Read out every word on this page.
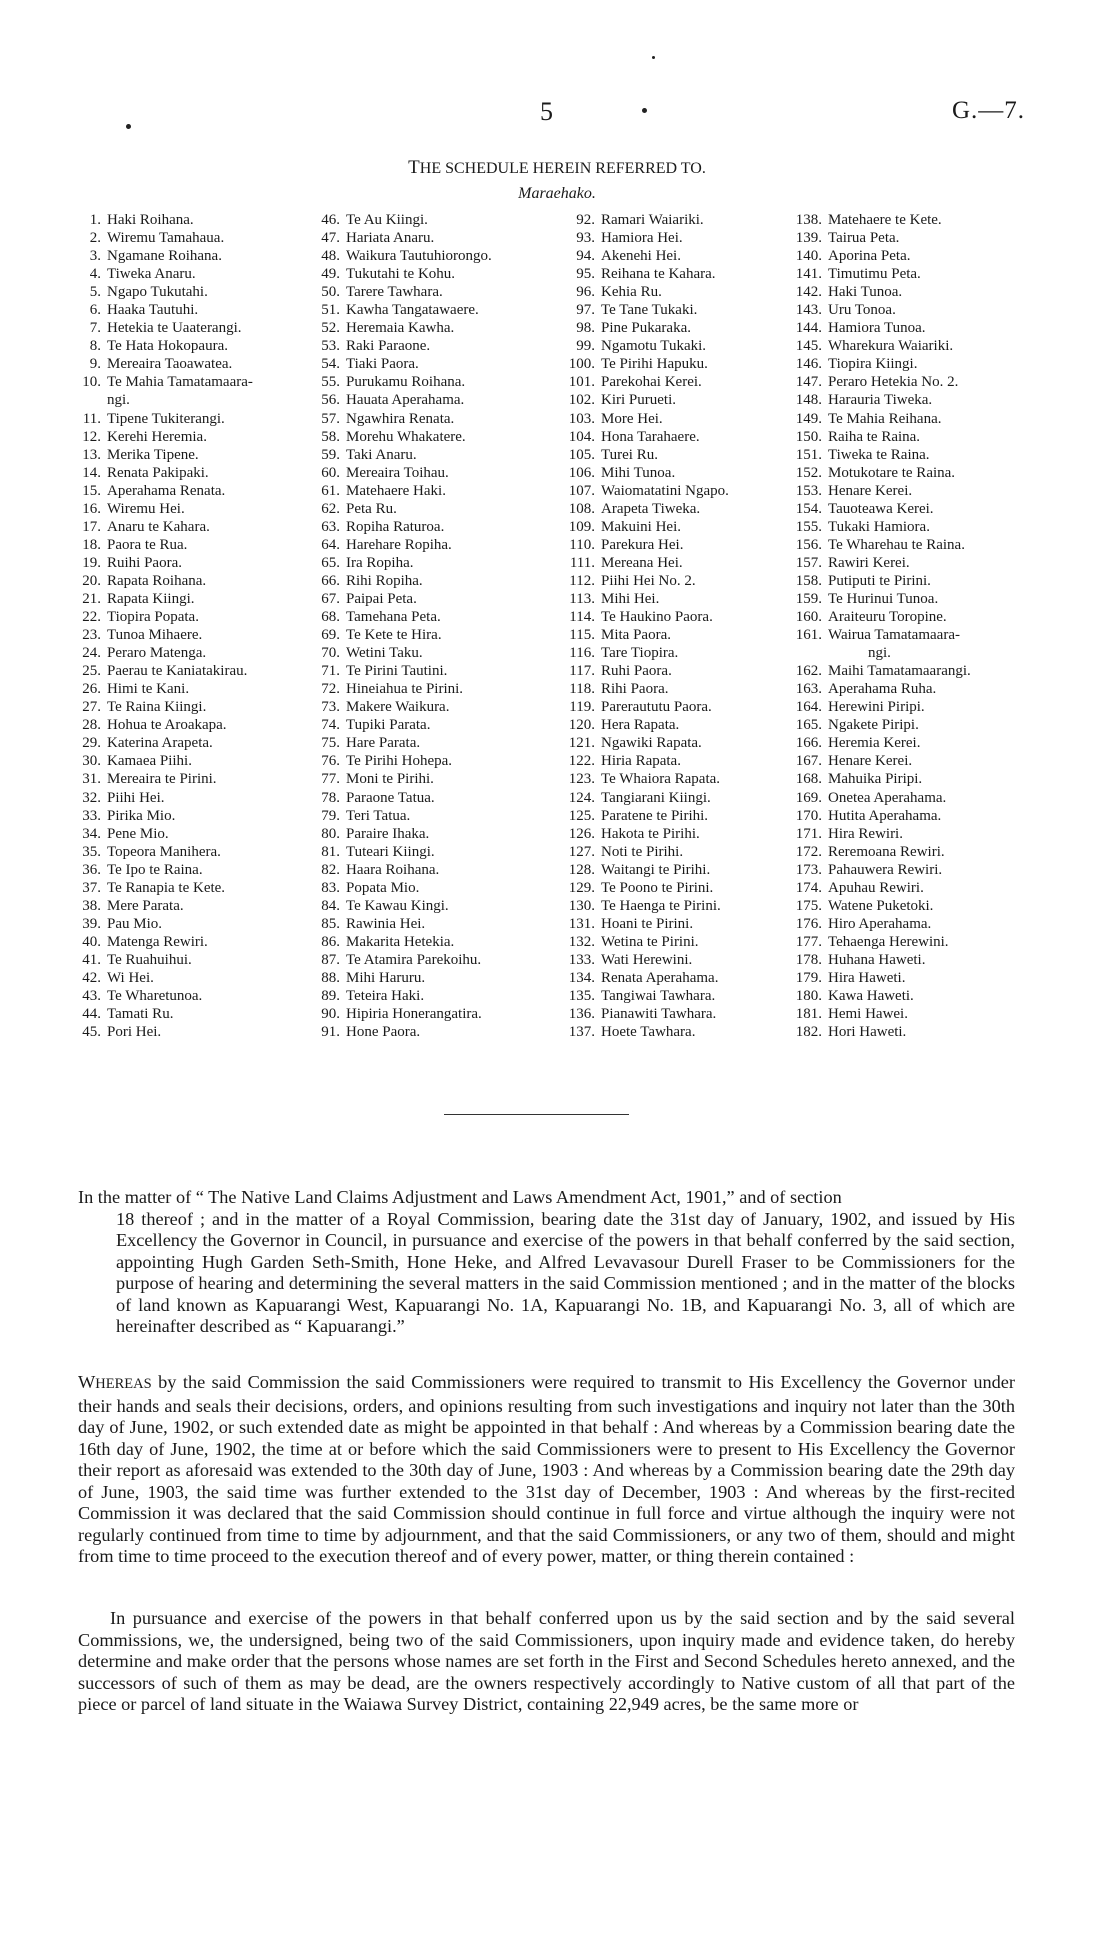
5	G.—7.
THE SCHEDULE HEREIN REFERRED TO.
Maraehako.
1. Haki Roihana.
2. Wiremu Tamahaua.
3. Ngamane Roihana.
4. Tiweka Anaru.
5. Ngapo Tukutahi.
6. Haaka Tautuhi.
7. Hetekia te Uaaterangi.
8. Te Hata Hokopaura.
9. Mereaira Taoawatea.
10. Te Mahia Tamatamaara-
ngi.
11. Tipene Tukiterangi.
12. Kerehi Heremia.
13. Merika Tipene.
14. Renata Pakipaki.
15. Aperahama Renata.
16. Wiremu Hei.
17. Anaru te Kahara.
18. Paora te Rua.
19. Ruihi Paora.
20. Rapata Roihana.
21. Rapata Kiingi.
22. Tiopira Popata.
23. Tunoa Mihaere.
24. Peraro Matenga.
25. Paerau te Kaniatakirau.
26. Himi te Kani.
27. Te Raina Kiingi.
28. Hohua te Aroakapa.
29. Katerina Arapeta.
30. Kamaea Piihi.
31. Mereaira te Pirini.
32. Piihi Hei.
33. Pirika Mio.
34. Pene Mio.
35. Topeora Manihera.
36. Te Ipo te Raina.
37. Te Ranapia te Kete.
38. Mere Parata.
39. Pau Mio.
40. Matenga Rewiri.
41. Te Ruahuihui.
42. Wi Hei.
43. Te Wharetunoa.
44. Tamati Ru.
45. Pori Hei.
46. Te Au Kiingi.
47. Hariata Anaru.
48. Waikura Tautuhiorongo.
49. Tukutahi te Kohu.
50. Tarere Tawhara.
51. Kawha Tangatawaere.
52. Heremaia Kawha.
53. Raki Paraone.
54. Tiaki Paora.
55. Purukamu Roihana.
56. Hauata Aperahama.
57. Ngawhira Renata.
58. Morehu Whakatere.
59. Taki Anaru.
60. Mereaira Toihau.
61. Matehaere Haki.
62. Peta Ru.
63. Ropiha Raturoa.
64. Harehare Ropiha.
65. Ira Ropiha.
66. Rihi Ropiha.
67. Paipai Peta.
68. Tamehana Peta.
69. Te Kete te Hira.
70. Wetini Taku.
71. Te Pirini Tautini.
72. Hineiahua te Pirini.
73. Makere Waikura.
74. Tupiki Parata.
75. Hare Parata.
76. Te Pirihi Hohepa.
77. Moni te Pirihi.
78. Paraone Tatua.
79. Teri Tatua.
80. Paraire Ihaka.
81. Tuteari Kiingi.
82. Haara Roihana.
83. Popata Mio.
84. Te Kawau Kingi.
85. Rawinia Hei.
86. Makarita Hetekia.
87. Te Atamira Parekoihu.
88. Mihi Haruru.
89. Teteira Haki.
90. Hipiria Honerangatira.
91. Hone Paora.
92. Ramari Waiariki.
93. Hamiora Hei.
94. Akenehi Hei.
95. Reihana te Kahara.
96. Kehia Ru.
97. Te Tane Tukaki.
98. Pine Pukaraka.
99. Ngamotu Tukaki.
100. Te Pirihi Hapuku.
101. Parekohai Kerei.
102. Kiri Purueti.
103. More Hei.
104. Hona Tarahaere.
105. Turei Ru.
106. Mihi Tunoa.
107. Waiomatatini Ngapo.
108. Arapeta Tiweka.
109. Makuini Hei.
110. Parekura Hei.
111. Mereana Hei.
112. Piihi Hei No. 2.
113. Mihi Hei.
114. Te Haukino Paora.
115. Mita Paora.
116. Tare Tiopira.
117. Ruhi Paora.
118. Rihi Paora.
119. Pareraututu Paora.
120. Hera Rapata.
121. Ngawiki Rapata.
122. Hiria Rapata.
123. Te Whaiora Rapata.
124. Tangiarani Kiingi.
125. Paratene te Pirihi.
126. Hakota te Pirihi.
127. Noti te Pirihi.
128. Waitangi te Pirihi.
129. Te Poono te Pirini.
130. Te Haenga te Pirini.
131. Hoani te Pirini.
132. Wetina te Pirini.
133. Wati Herewini.
134. Renata Aperahama.
135. Tangiwai Tawhara.
136. Pianawiti Tawhara.
137. Hoete Tawhara.
138. Matehaere te Kete.
139. Tairua Peta.
140. Aporina Peta.
141. Timutimu Peta.
142. Haki Tunoa.
143. Uru Tonoa.
144. Hamiora Tunoa.
145. Wharekura Waiariki.
146. Tiopira Kiingi.
147. Peraro Hetekia No. 2.
148. Harauria Tiweka.
149. Te Mahia Reihana.
150. Raiha te Raina.
151. Tiweka te Raina.
152. Motukotare te Raina.
153. Henare Kerei.
154. Tauoteawa Kerei.
155. Tukaki Hamiora.
156. Te Wharehau te Raina.
157. Rawiri Kerei.
158. Putiputi te Pirini.
159. Te Hurinui Tunoa.
160. Araiteuru Toropine.
161. Wairua Tamatamaara-
ngi.
162. Maihi Tamatamaarangi.
163. Aperahama Ruha.
164. Herewini Piripi.
165. Ngakete Piripi.
166. Heremia Kerei.
167. Henare Kerei.
168. Mahuika Piripi.
169. Onetea Aperahama.
170. Hutita Aperahama.
171. Hira Rewiri.
172. Reremoana Rewiri.
173. Pahauwera Rewiri.
174. Apuhau Rewiri.
175. Watene Puketoki.
176. Hiro Aperahama.
177. Tehaenga Herewini.
178. Huhana Haweti.
179. Hira Haweti.
180. Kawa Haweti.
181. Hemi Hawei.
182. Hori Haweti.
In the matter of “ The Native Land Claims Adjustment and Laws Amendment Act, 1901,” and of section
18 thereof ; and in the matter of a Royal Commission, bearing date the 31st day of January, 1902, and issued by His Excellency the Governor in Council, in pursuance and exercise of the powers in that behalf conferred by the said section, appointing Hugh Garden Seth-Smith, Hone Heke, and Alfred Levavasour Durell Fraser to be Commissioners for the purpose of hearing and determining the several matters in the said Commission mentioned ; and in the matter of the blocks of land known as Kapuarangi West, Kapuarangi No. 1A, Kapuarangi No. 1B, and Kapuarangi No. 3, all of which are hereinafter described as “ Kapuarangi.”
WHEREAS by the said Commission the said Commissioners were required to transmit to His Excellency the Governor under their hands and seals their decisions, orders, and opinions resulting from such investigations and inquiry not later than the 30th day of June, 1902, or such extended date as might be appointed in that behalf : And whereas by a Commission bearing date the 16th day of June, 1902, the time at or before which the said Commissioners were to present to His Excellency the Governor their report as aforesaid was extended to the 30th day of June, 1903 : And whereas by a Commission bearing date the 29th day of June, 1903, the said time was further extended to the 31st day of December, 1903 : And whereas by the first-recited Commission it was declared that the said Commission should continue in full force and virtue although the inquiry were not regularly continued from time to time by adjournment, and that the said Commissioners, or any two of them, should and might from time to time proceed to the execution thereof and of every power, matter, or thing therein contained :
In pursuance and exercise of the powers in that behalf conferred upon us by the said section and by the said several Commissions, we, the undersigned, being two of the said Commissioners, upon inquiry made and evidence taken, do hereby determine and make order that the persons whose names are set forth in the First and Second Schedules hereto annexed, and the successors of such of them as may be dead, are the owners respectively accordingly to Native custom of all that part of the piece or parcel of land situate in the Waiawa Survey District, containing 22,949 acres, be the same more or
